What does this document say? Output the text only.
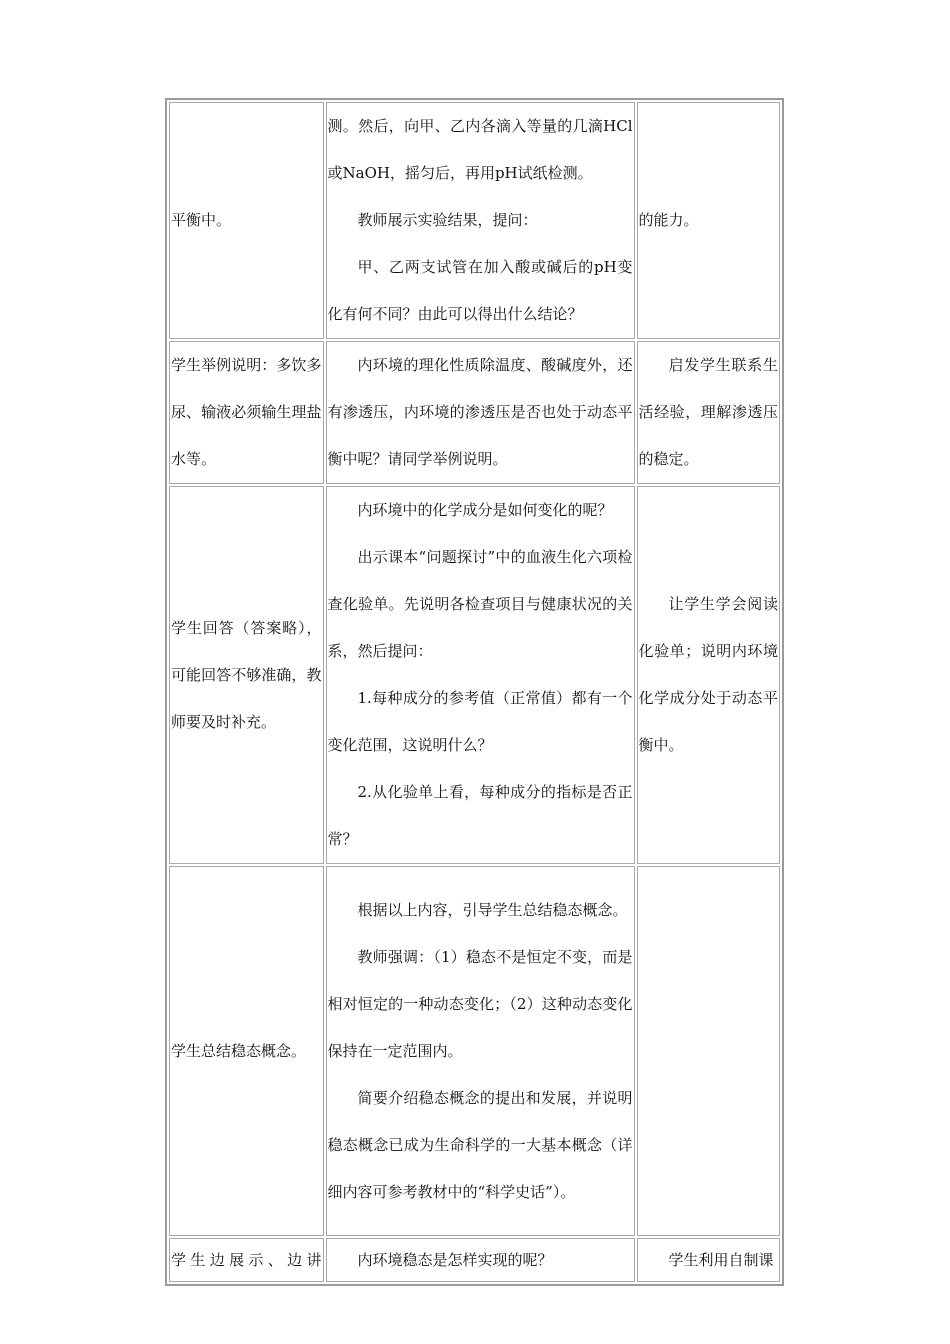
平衡中。	测。然后，向甲、乙内各滴入等量的几滴HCl或NaOH，摇匀后，再用pH试纸检测。

教师展示实验结果，提问：

甲、乙两支试管在加入酸或碱后的pH变化有何不同？由此可以得出什么结论？	的能力。

学生举例说明：多饮多尿、输液必须输生理盐水等。	内环境的理化性质除温度、酸碱度外，还有渗透压，内环境的渗透压是否也处于动态平衡中呢？请同学举例说明。	启发学生联系生活经验，理解渗透压的稳定。

学生回答（答案略），可能回答不够准确，教师要及时补充。	内环境中的化学成分是如何变化的呢？

出示课本“问题探讨”中的血液生化六项检查化验单。先说明各检查项目与健康状况的关系，然后提问：

1.每种成分的参考值（正常值）都有一个变化范围，这说明什么？

2.从化验单上看，每种成分的指标是否正常？	让学生学会阅读化验单；说明内环境化学成分处于动态平衡中。

学生总结稳态概念。	根据以上内容，引导学生总结稳态概念。

教师强调：（1）稳态不是恒定不变，而是相对恒定的一种动态变化；（2）这种动态变化保持在一定范围内。

简要介绍稳态概念的提出和发展，并说明稳态概念已成为生命科学的一大基本概念（详细内容可参考教材中的“科学史话”）。	

学生边展示、边讲	内环境稳态是怎样实现的呢？	学生利用自制课
